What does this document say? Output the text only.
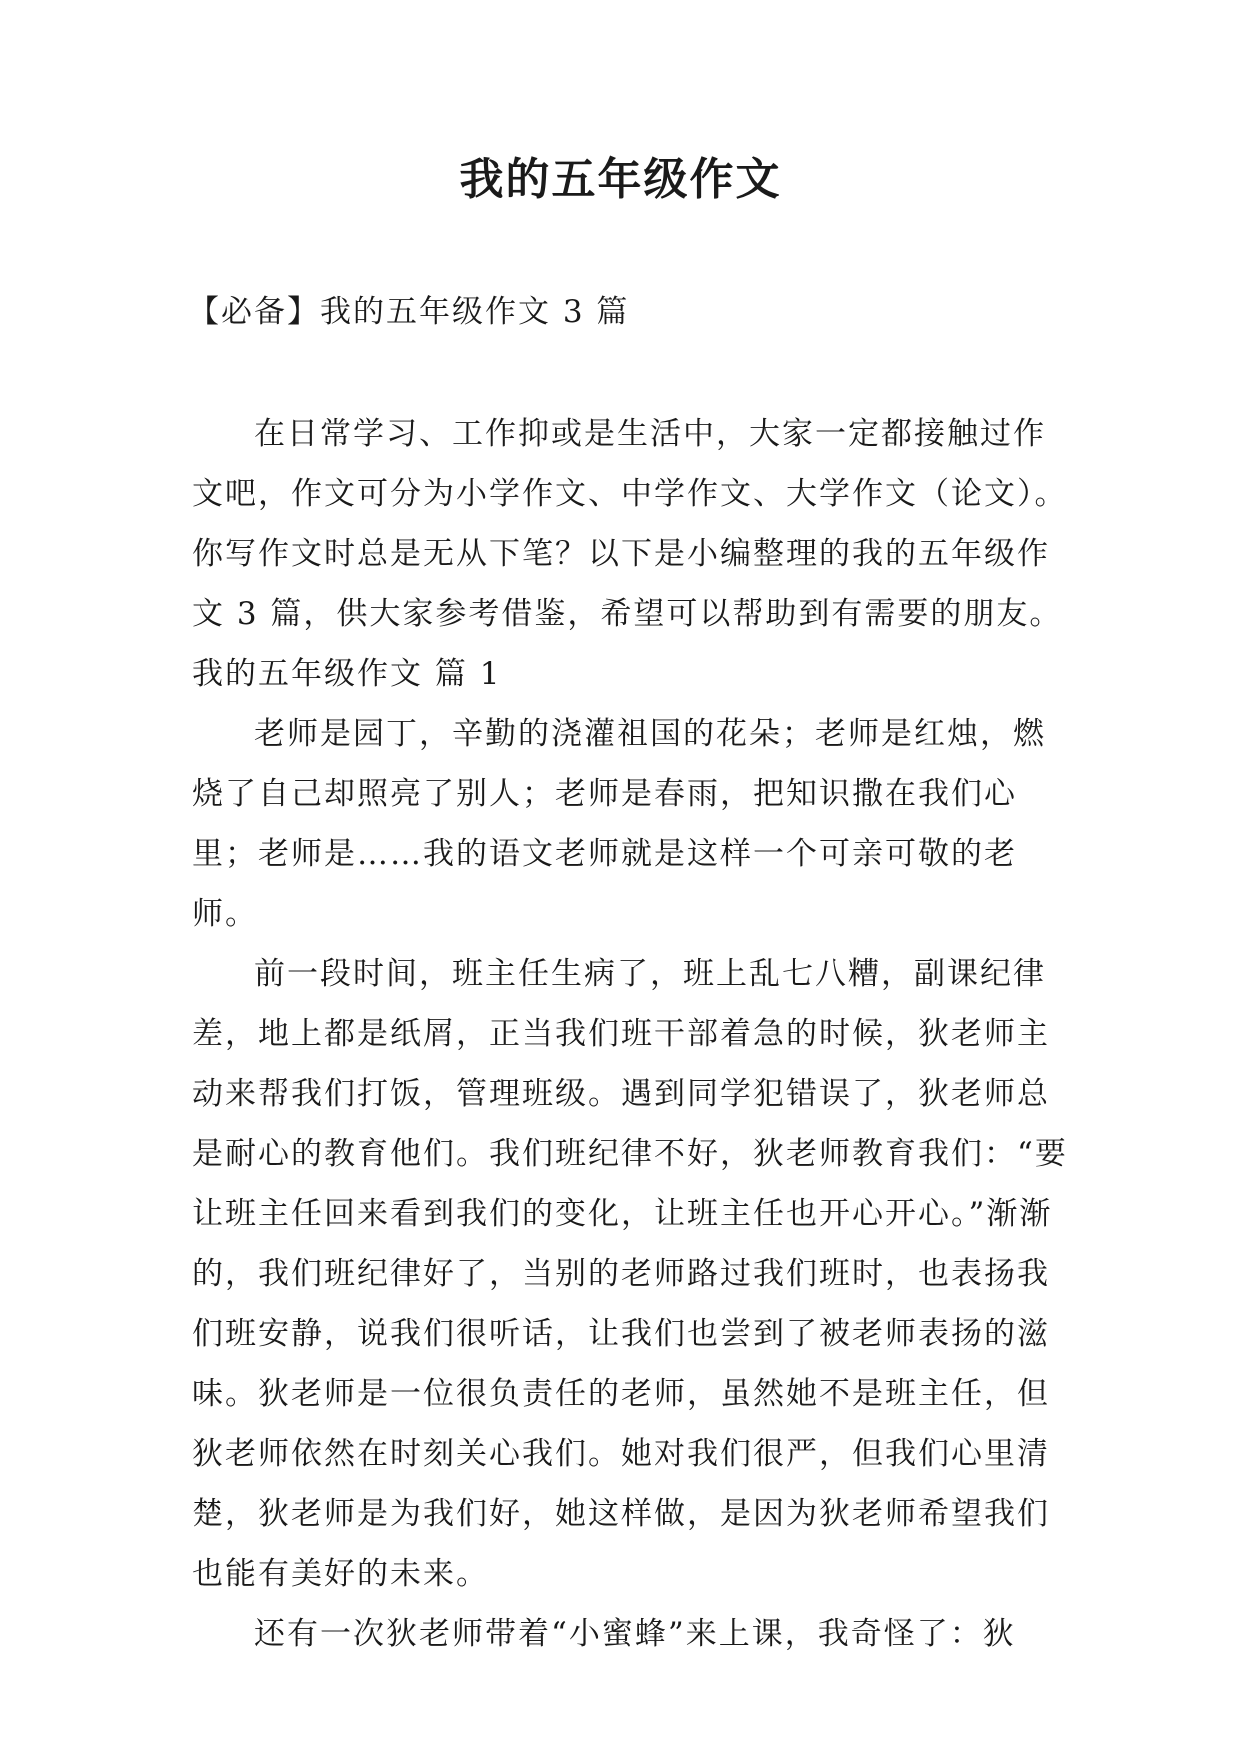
我的五年级作文
【必备】我的五年级作文 3 篇

在日常学习、工作抑或是生活中，大家一定都接触过作文吧，作文可分为小学作文、中学作文、大学作文（论文）。你写作文时总是无从下笔？以下是小编整理的我的五年级作文 3 篇，供大家参考借鉴，希望可以帮助到有需要的朋友。

我的五年级作文 篇 1

老师是园丁，辛勤的浇灌祖国的花朵；老师是红烛，燃烧了自己却照亮了别人；老师是春雨，把知识撒在我们心里；老师是……我的语文老师就是这样一个可亲可敬的老师。

前一段时间，班主任生病了，班上乱七八糟，副课纪律差，地上都是纸屑，正当我们班干部着急的时候，狄老师主动来帮我们打饭，管理班级。遇到同学犯错误了，狄老师总是耐心的教育他们。我们班纪律不好，狄老师教育我们：“要让班主任回来看到我们的变化，让班主任也开心开心。”渐渐的，我们班纪律好了，当别的老师路过我们班时，也表扬我们班安静，说我们很听话，让我们也尝到了被老师表扬的滋味。狄老师是一位很负责任的老师，虽然她不是班主任，但狄老师依然在时刻关心我们。她对我们很严，但我们心里清楚，狄老师是为我们好，她这样做，是因为狄老师希望我们也能有美好的未来。

还有一次狄老师带着“小蜜蜂”来上课，我奇怪了：狄
